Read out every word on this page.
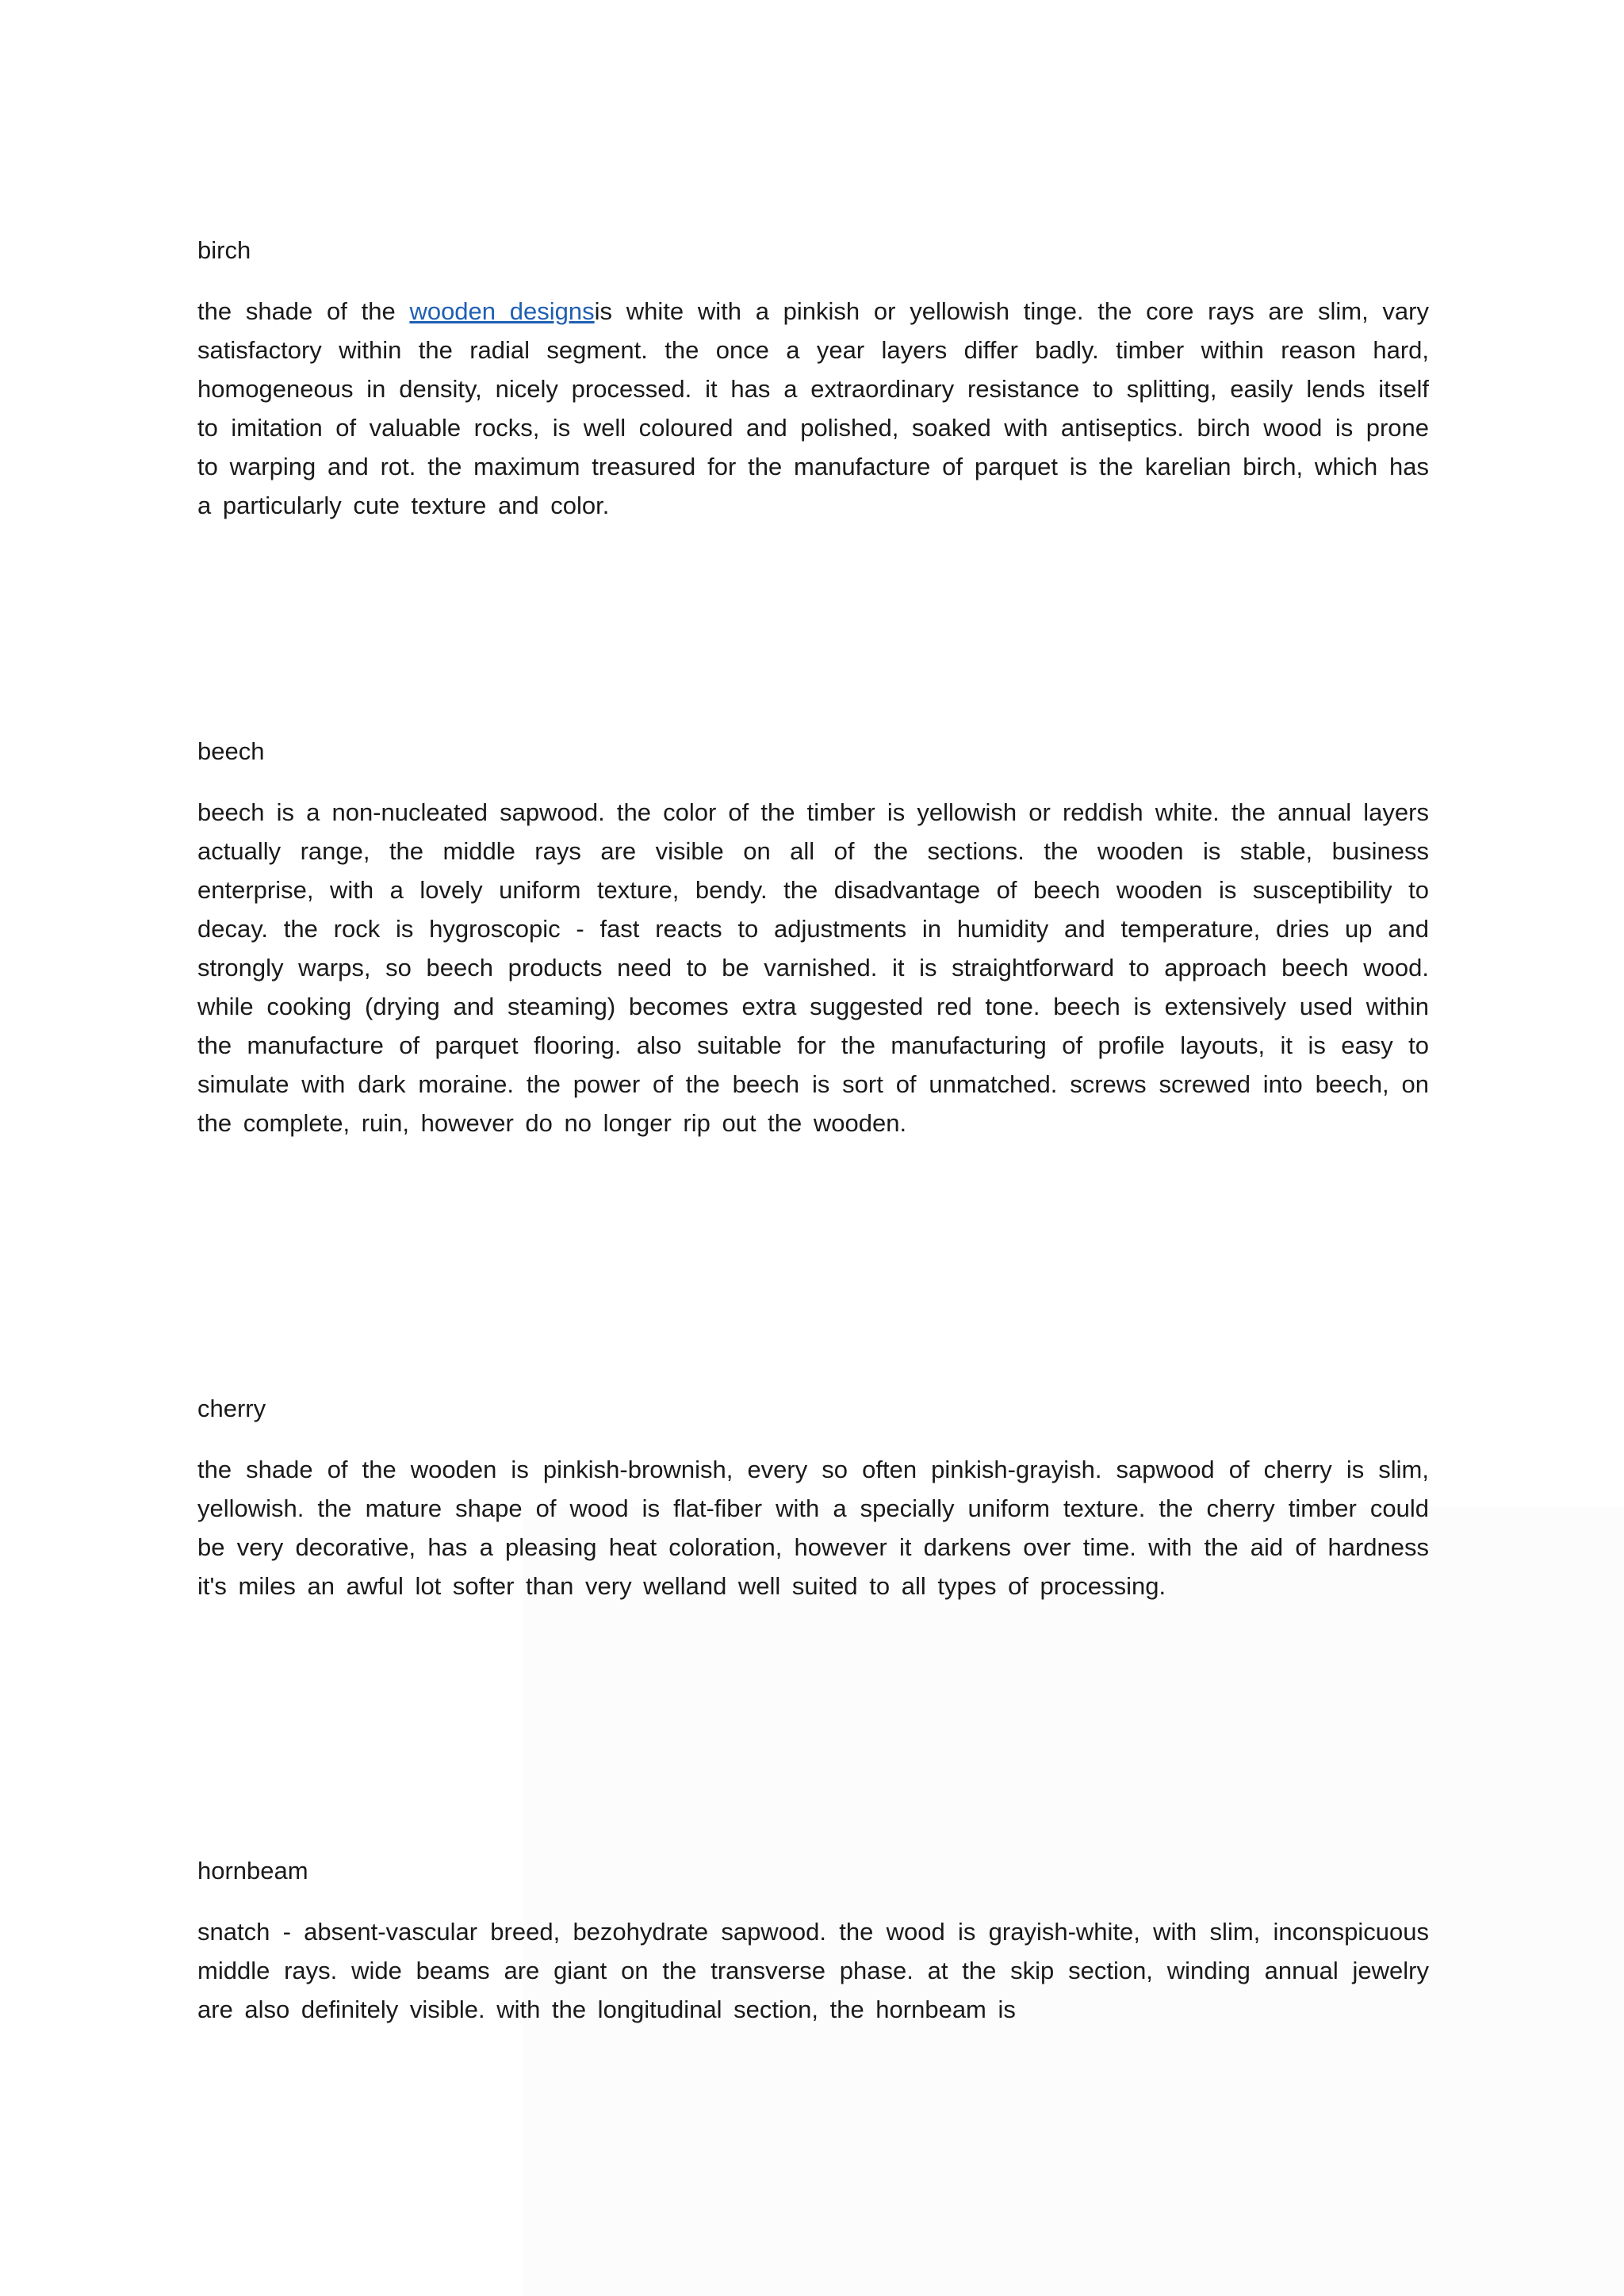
birch

the shade of the wooden designsis white with a pinkish or yellowish tinge. the core rays are slim, vary satisfactory within the radial segment. the once a year layers differ badly. timber within reason hard, homogeneous in density, nicely processed. it has a extraordinary resistance to splitting, easily lends itself to imitation of valuable rocks, is well coloured and polished, soaked with antiseptics. birch wood is prone to warping and rot. the maximum treasured for the manufacture of parquet is the karelian birch, which has a particularly cute texture and color.

beech

beech is a non-nucleated sapwood. the color of the timber is yellowish or reddish white. the annual layers actually range, the middle rays are visible on all of the sections. the wooden is stable, business enterprise, with a lovely uniform texture, bendy. the disadvantage of beech wooden is susceptibility to decay. the rock is hygroscopic - fast reacts to adjustments in humidity and temperature, dries up and strongly warps, so beech products need to be varnished. it is straightforward to approach beech wood. while cooking (drying and steaming) becomes extra suggested red tone. beech is extensively used within the manufacture of parquet flooring. also suitable for the manufacturing of profile layouts, it is easy to simulate with dark moraine. the power of the beech is sort of unmatched. screws screwed into beech, on the complete, ruin, however do no longer rip out the wooden.

cherry

the shade of the wooden is pinkish-brownish, every so often pinkish-grayish. sapwood of cherry is slim, yellowish. the mature shape of wood is flat-fiber with a specially uniform texture. the cherry timber could be very decorative, has a pleasing heat coloration, however it darkens over time. with the aid of hardness it's miles an awful lot softer than very welland well suited to all types of processing.

hornbeam

snatch - absent-vascular breed, bezohydrate sapwood. the wood is grayish-white, with slim, inconspicuous middle rays. wide beams are giant on the transverse phase. at the skip section, winding annual jewelry are also definitely visible. with the longitudinal section, the hornbeam is
